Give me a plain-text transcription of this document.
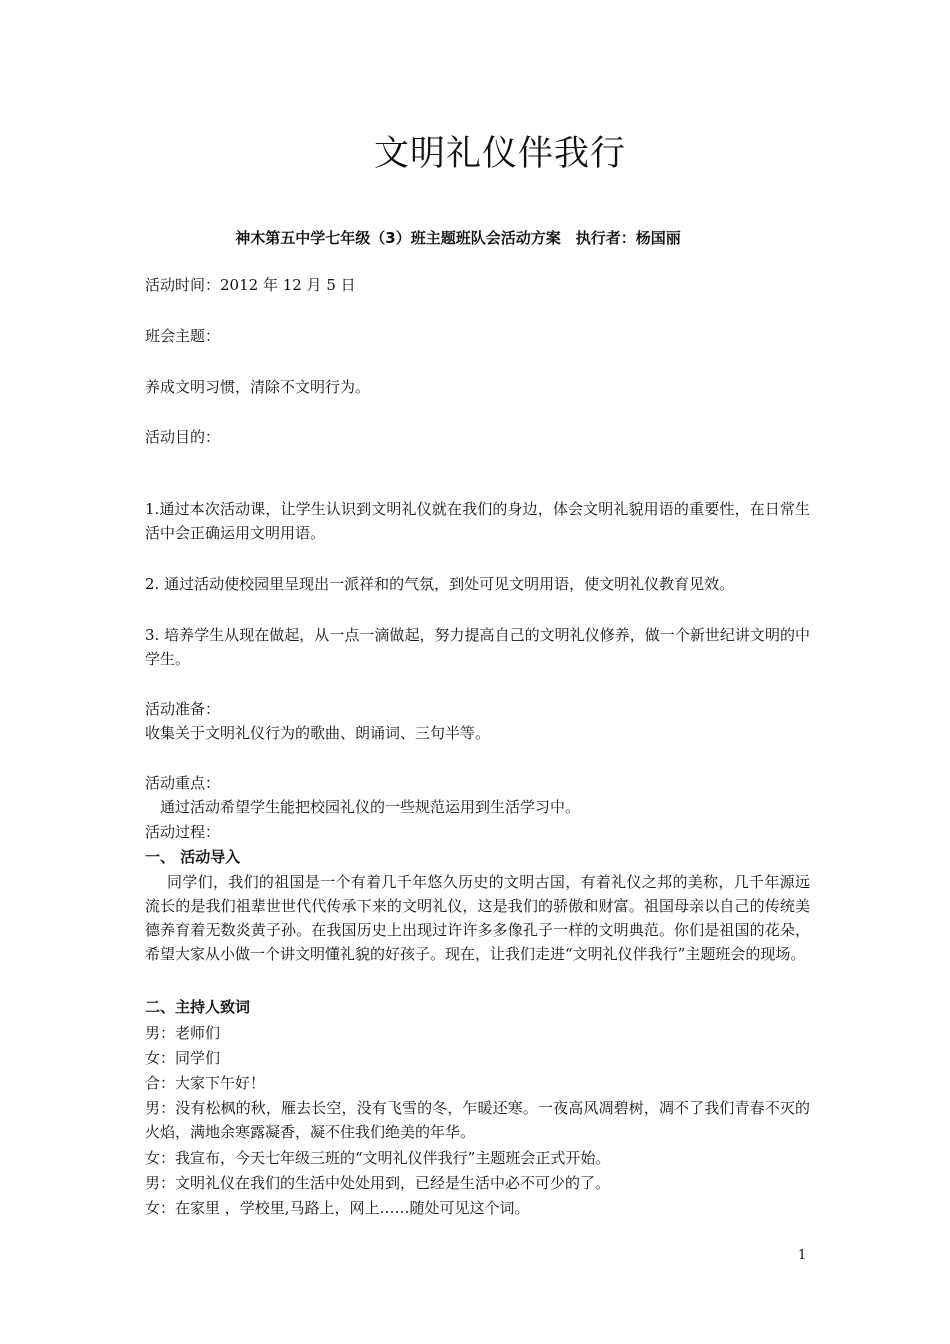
文明礼仪伴我行
神木第五中学七年级（3）班主题班队会活动方案　执行者：杨国丽
活动时间：2012 年 12 月 5 日
班会主题：
养成文明习惯，清除不文明行为。
活动目的：
1.通过本次活动课，让学生认识到文明礼仪就在我们的身边，体会文明礼貌用语的重要性，在日常生活中会正确运用文明用语。
2. 通过活动使校园里呈现出一派祥和的气氛，到处可见文明用语，使文明礼仪教育见效。
3. 培养学生从现在做起，从一点一滴做起，努力提高自己的文明礼仪修养，做一个新世纪讲文明的中学生。
活动准备：
收集关于文明礼仪行为的歌曲、朗诵词、三句半等。
活动重点：
通过活动希望学生能把校园礼仪的一些规范运用到生活学习中。
活动过程：
一、 活动导入
同学们，我们的祖国是一个有着几千年悠久历史的文明古国，有着礼仪之邦的美称，几千年源远流长的是我们祖辈世世代代传承下来的文明礼仪，这是我们的骄傲和财富。祖国母亲以自己的传统美德养育着无数炎黄子孙。在我国历史上出现过许许多多像孔子一样的文明典范。你们是祖国的花朵，希望大家从小做一个讲文明懂礼貌的好孩子。现在，让我们走进“文明礼仪伴我行”主题班会的现场。
二、主持人致词
男：老师们
女：同学们
合：大家下午好！
男：没有松枫的秋，雁去长空，没有飞雪的冬，乍暖还寒。一夜高风凋碧树，凋不了我们青春不灭的火焰，满地余寒露凝香，凝不住我们绝美的年华。
女：我宣布，今天七年级三班的“文明礼仪伴我行”主题班会正式开始。
男：文明礼仪在我们的生活中处处用到，已经是生活中必不可少的了。
女：在家里 ，学校里,马路上，网上……随处可见这个词。
1
